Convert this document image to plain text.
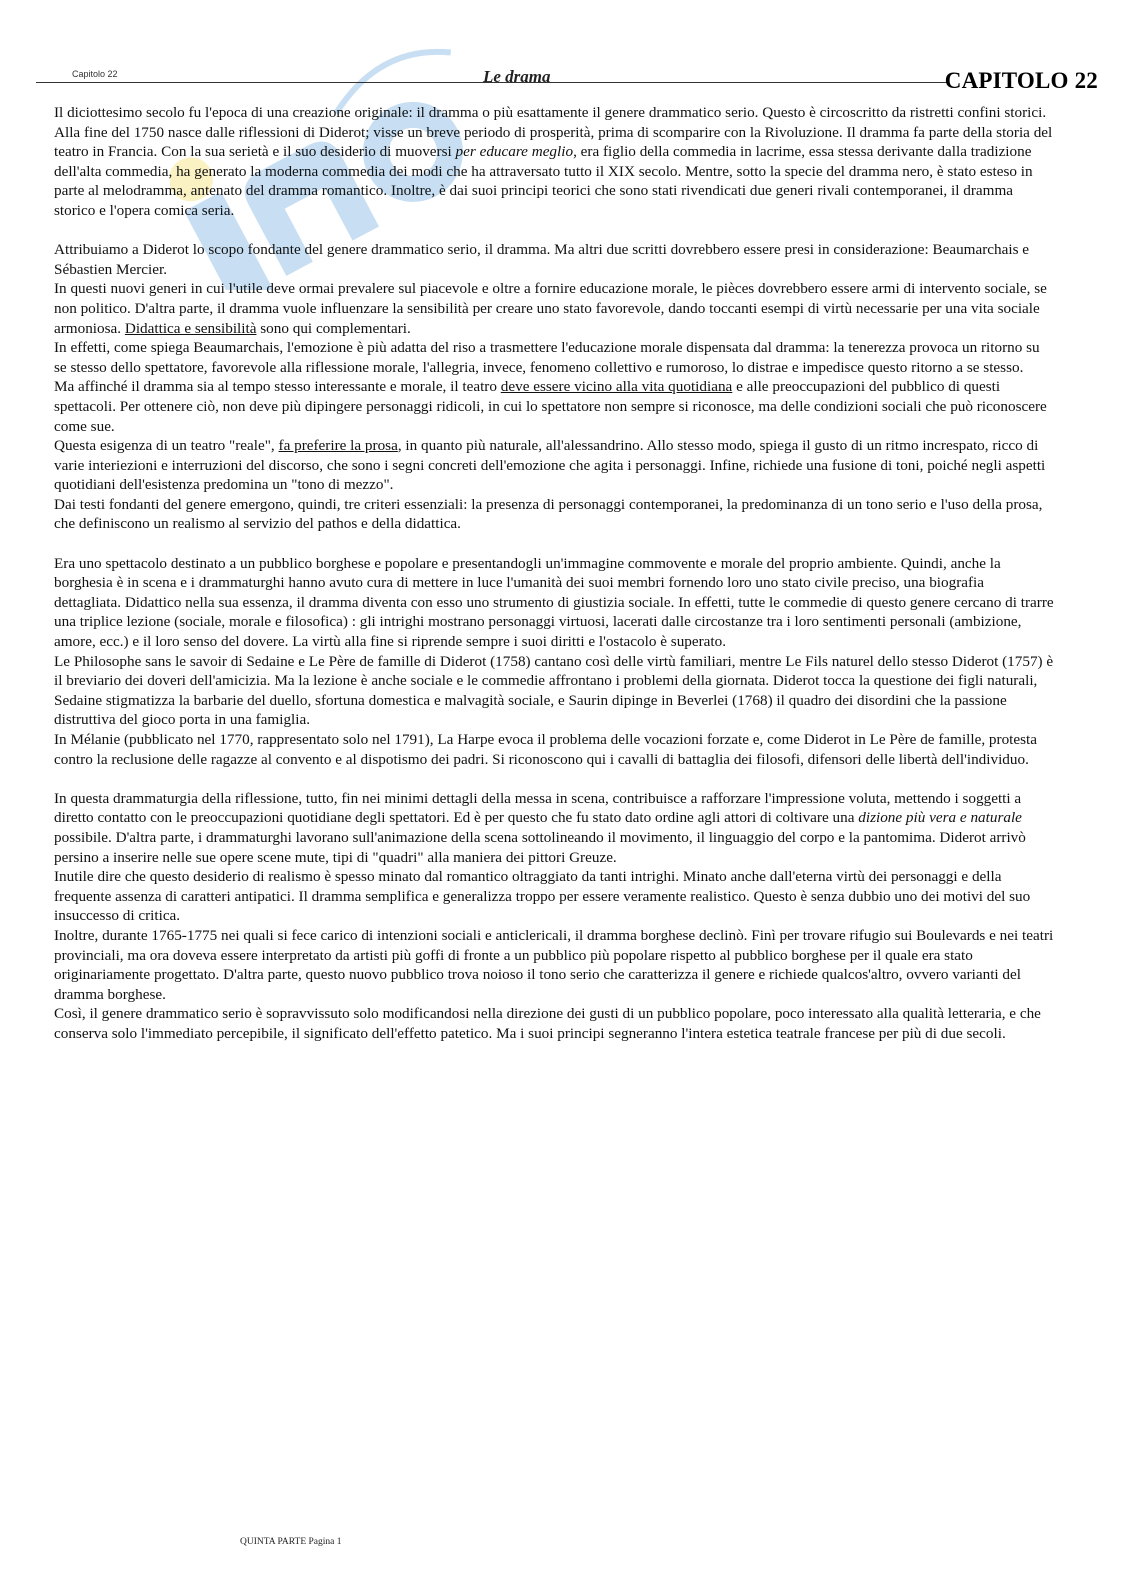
Capitolo 22	Le drama	CAPITOLO 22

Il diciottesimo secolo fu l'epoca di una creazione originale: il dramma o più esattamente il genere drammatico serio. Questo è circoscritto da ristretti confini storici. Alla fine del 1750 nasce dalle riflessioni di Diderot; visse un breve periodo di prosperità, prima di scomparire con la Rivoluzione. Il dramma fa parte della storia del teatro in Francia. Con la sua serietà e il suo desiderio di muoversi per educare meglio, era figlio della commedia in lacrime, essa stessa derivante dalla tradizione dell'alta commedia, ha generato la moderna commedia dei modi che ha attraversato tutto il XIX secolo. Mentre, sotto la specie del dramma nero, è stato esteso in parte al melodramma, antenato del dramma romantico. Inoltre, è dai suoi principi teorici che sono stati rivendicati due generi rivali contemporanei, il dramma storico e l'opera comica seria.

Attribuiamo a Diderot lo scopo fondante del genere drammatico serio, il dramma. Ma altri due scritti dovrebbero essere presi in considerazione: Beaumarchais e Sébastien Mercier.

In questi nuovi generi in cui l'utile deve ormai prevalere sul piacevole e oltre a fornire educazione morale, le pièces dovrebbero essere armi di intervento sociale, se non politico. D'altra parte, il dramma vuole influenzare la sensibilità per creare uno stato favorevole, dando toccanti esempi di virtù necessarie per una vita sociale armoniosa. Didattica e sensibilità sono qui complementari.

In effetti, come spiega Beaumarchais, l'emozione è più adatta del riso a trasmettere l'educazione morale dispensata dal dramma: la tenerezza provoca un ritorno su se stesso dello spettatore, favorevole alla riflessione morale, l'allegria, invece, fenomeno collettivo e rumoroso, lo distrae e impedisce questo ritorno a se stesso.

Ma affinché il dramma sia al tempo stesso interessante e morale, il teatro deve essere vicino alla vita quotidiana e alle preoccupazioni del pubblico di questi spettacoli. Per ottenere ciò, non deve più dipingere personaggi ridicoli, in cui lo spettatore non sempre si riconosce, ma delle condizioni sociali che può riconoscere come sue.

Questa esigenza di un teatro "reale", fa preferire la prosa, in quanto più naturale, all'alessandrino. Allo stesso modo, spiega il gusto di un ritmo increspato, ricco di varie interiezioni e interruzioni del discorso, che sono i segni concreti dell'emozione che agita i personaggi. Infine, richiede una fusione di toni, poiché negli aspetti quotidiani dell'esistenza predomina un "tono di mezzo".

Dai testi fondanti del genere emergono, quindi, tre criteri essenziali: la presenza di personaggi contemporanei, la predominanza di un tono serio e l'uso della prosa, che definiscono un realismo al servizio del pathos e della didattica.

Era uno spettacolo destinato a un pubblico borghese e popolare e presentandogli un'immagine commovente e morale del proprio ambiente. Quindi, anche la borghesia è in scena e i drammaturghi hanno avuto cura di mettere in luce l'umanità dei suoi membri fornendo loro uno stato civile preciso, una biografia dettagliata. Didattico nella sua essenza, il dramma diventa con esso uno strumento di giustizia sociale. In effetti, tutte le commedie di questo genere cercano di trarre una triplice lezione (sociale, morale e filosofica) : gli intrighi mostrano personaggi virtuosi, lacerati dalle circostanze tra i loro sentimenti personali (ambizione, amore, ecc.) e il loro senso del dovere. La virtù alla fine si riprende sempre i suoi diritti e l'ostacolo è superato.

Le Philosophe sans le savoir di Sedaine e Le Père de famille di Diderot (1758) cantano così delle virtù familiari, mentre Le Fils naturel dello stesso Diderot (1757) è il breviario dei doveri dell'amicizia. Ma la lezione è anche sociale e le commedie affrontano i problemi della giornata. Diderot tocca la questione dei figli naturali, Sedaine stigmatizza la barbarie del duello, sfortuna domestica e malvagità sociale, e Saurin dipinge in Beverlei (1768) il quadro dei disordini che la passione distruttiva del gioco porta in una famiglia.

In Mélanie (pubblicato nel 1770, rappresentato solo nel 1791), La Harpe evoca il problema delle vocazioni forzate e, come Diderot in Le Père de famille, protesta contro la reclusione delle ragazze al convento e al dispotismo dei padri. Si riconoscono qui i cavalli di battaglia dei filosofi, difensori delle libertà dell'individuo.

In questa drammaturgia della riflessione, tutto, fin nei minimi dettagli della messa in scena, contribuisce a rafforzare l'impressione voluta, mettendo i soggetti a diretto contatto con le preoccupazioni quotidiane degli spettatori. Ed è per questo che fu stato dato ordine agli attori di coltivare una dizione più vera e naturale possibile. D'altra parte, i drammaturghi lavorano sull'animazione della scena sottolineando il movimento, il linguaggio del corpo e la pantomima. Diderot arrivò persino a inserire nelle sue opere scene mute, tipi di "quadri" alla maniera dei pittori Greuze.

Inutile dire che questo desiderio di realismo è spesso minato dal romantico oltraggiato da tanti intrighi. Minato anche dall'eterna virtù dei personaggi e della frequente assenza di caratteri antipatici. Il dramma semplifica e generalizza troppo per essere veramente realistico. Questo è senza dubbio uno dei motivi del suo insuccesso di critica.

Inoltre, durante 1765-1775 nei quali si fece carico di intenzioni sociali e anticlericali, il dramma borghese declinò. Finì per trovare rifugio sui Boulevards e nei teatri provinciali, ma ora doveva essere interpretato da artisti più goffi di fronte a un pubblico più popolare rispetto al pubblico borghese per il quale era stato originariamente progettato. D'altra parte, questo nuovo pubblico trova noioso il tono serio che caratterizza il genere e richiede qualcos'altro, ovvero varianti del dramma borghese.

Così, il genere drammatico serio è sopravvissuto solo modificandosi nella direzione dei gusti di un pubblico popolare, poco interessato alla qualità letteraria, e che conserva solo l'immediato percepibile, il significato dell'effetto patetico. Ma i suoi principi segneranno l'intera estetica teatrale francese per più di due secoli.

QUINTA PARTE Pagina 1
